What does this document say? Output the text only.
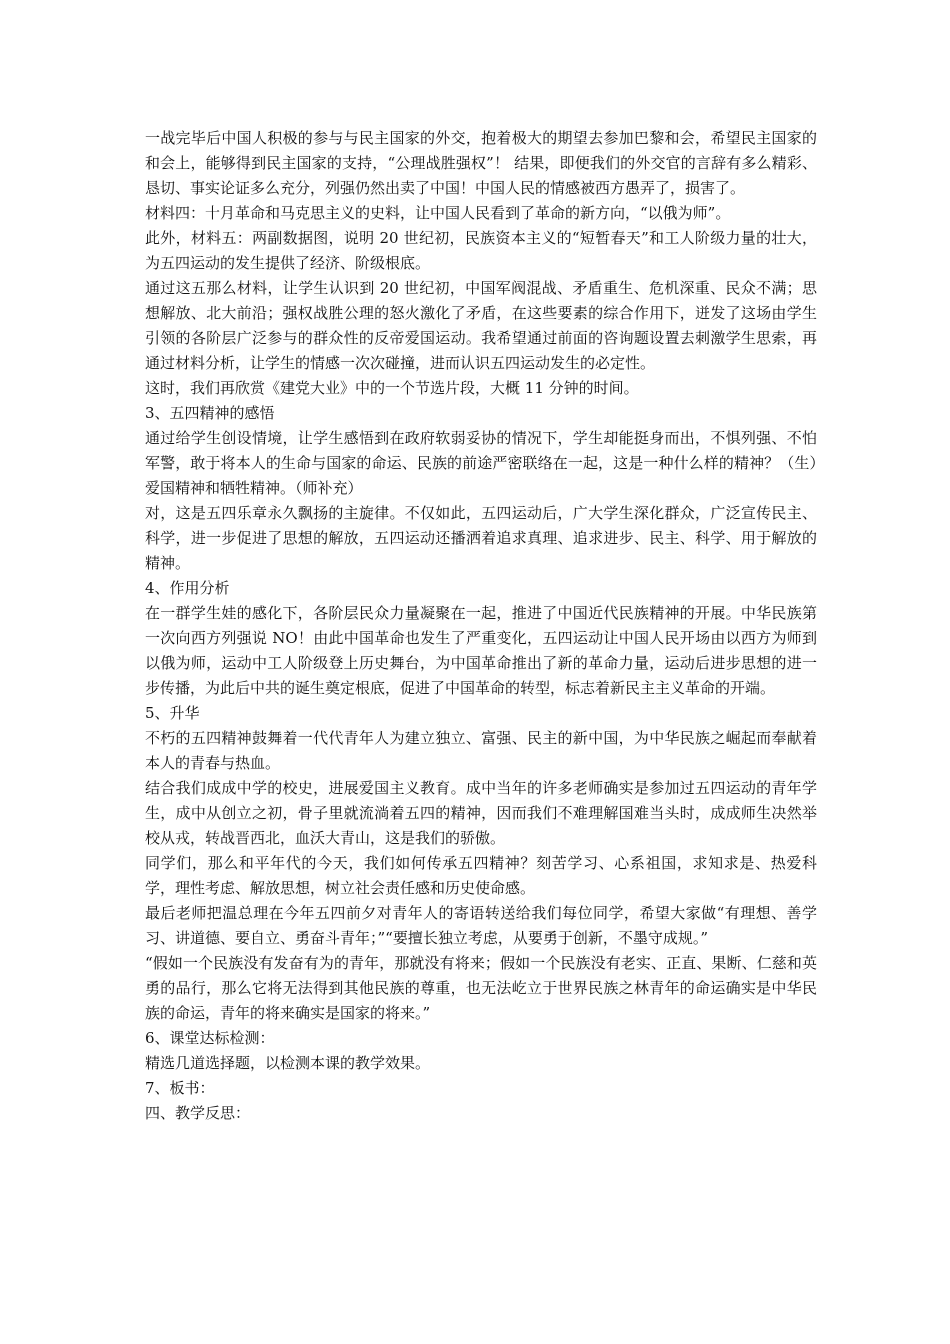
一战完毕后中国人积极的参与与民主国家的外交，抱着极大的期望去参加巴黎和会，希望民主国家的和会上，能够得到民主国家的支持，“公理战胜强权”！ 结果，即便我们的外交官的言辞有多么精彩、恳切、事实论证多么充分，列强仍然出卖了中国！中国人民的情感被西方愚弄了，损害了。

材料四：十月革命和马克思主义的史料，让中国人民看到了革命的新方向，“以俄为师”。

此外，材料五：两副数据图，说明 20 世纪初，民族资本主义的“短暂春天”和工人阶级力量的壮大，为五四运动的发生提供了经济、阶级根底。

通过这五那么材料，让学生认识到 20 世纪初，中国军阀混战、矛盾重生、危机深重、民众不满；思想解放、北大前沿；强权战胜公理的怒火激化了矛盾，在这些要素的综合作用下，迸发了这场由学生引领的各阶层广泛参与的群众性的反帝爱国运动。我希望通过前面的咨询题设置去刺激学生思索，再通过材料分析，让学生的情感一次次碰撞，进而认识五四运动发生的必定性。

这时，我们再欣赏《建党大业》中的一个节选片段，大概 11 分钟的时间。

3、五四精神的感悟

通过给学生创设情境，让学生感悟到在政府软弱妥协的情况下，学生却能挺身而出，不惧列强、不怕军警，敢于将本人的生命与国家的命运、民族的前途严密联络在一起，这是一种什么样的精神？（生）爱国精神和牺牲精神。（师补充）

对，这是五四乐章永久飘扬的主旋律。不仅如此，五四运动后，广大学生深化群众，广泛宣传民主、科学，进一步促进了思想的解放，五四运动还播洒着追求真理、追求进步、民主、科学、用于解放的精神。

4、作用分析

在一群学生娃的感化下，各阶层民众力量凝聚在一起，推进了中国近代民族精神的开展。中华民族第一次向西方列强说 NO！由此中国革命也发生了严重变化，五四运动让中国人民开场由以西方为师到以俄为师，运动中工人阶级登上历史舞台，为中国革命推出了新的革命力量，运动后进步思想的进一步传播，为此后中共的诞生奠定根底，促进了中国革命的转型，标志着新民主主义革命的开端。

5、升华

不朽的五四精神鼓舞着一代代青年人为建立独立、富强、民主的新中国，为中华民族之崛起而奉献着本人的青春与热血。

结合我们成成中学的校史，进展爱国主义教育。成中当年的许多老师确实是参加过五四运动的青年学生，成中从创立之初，骨子里就流淌着五四的精神，因而我们不难理解国难当头时，成成师生决然举校从戎，转战晋西北，血沃大青山，这是我们的骄傲。

同学们，那么和平年代的今天，我们如何传承五四精神？刻苦学习、心系祖国，求知求是、热爱科学，理性考虑、解放思想，树立社会责任感和历史使命感。

最后老师把温总理在今年五四前夕对青年人的寄语转送给我们每位同学，希望大家做“有理想、善学习、讲道德、要自立、勇奋斗青年；”“要擅长独立考虑，从要勇于创新，不墨守成规。”

“假如一个民族没有发奋有为的青年，那就没有将来；假如一个民族没有老实、正直、果断、仁慈和英勇的品行，那么它将无法得到其他民族的尊重，也无法屹立于世界民族之林青年的命运确实是中华民族的命运，青年的将来确实是国家的将来。”

6、课堂达标检测：

精选几道选择题，以检测本课的教学效果。

7、板书：

四、教学反思：
